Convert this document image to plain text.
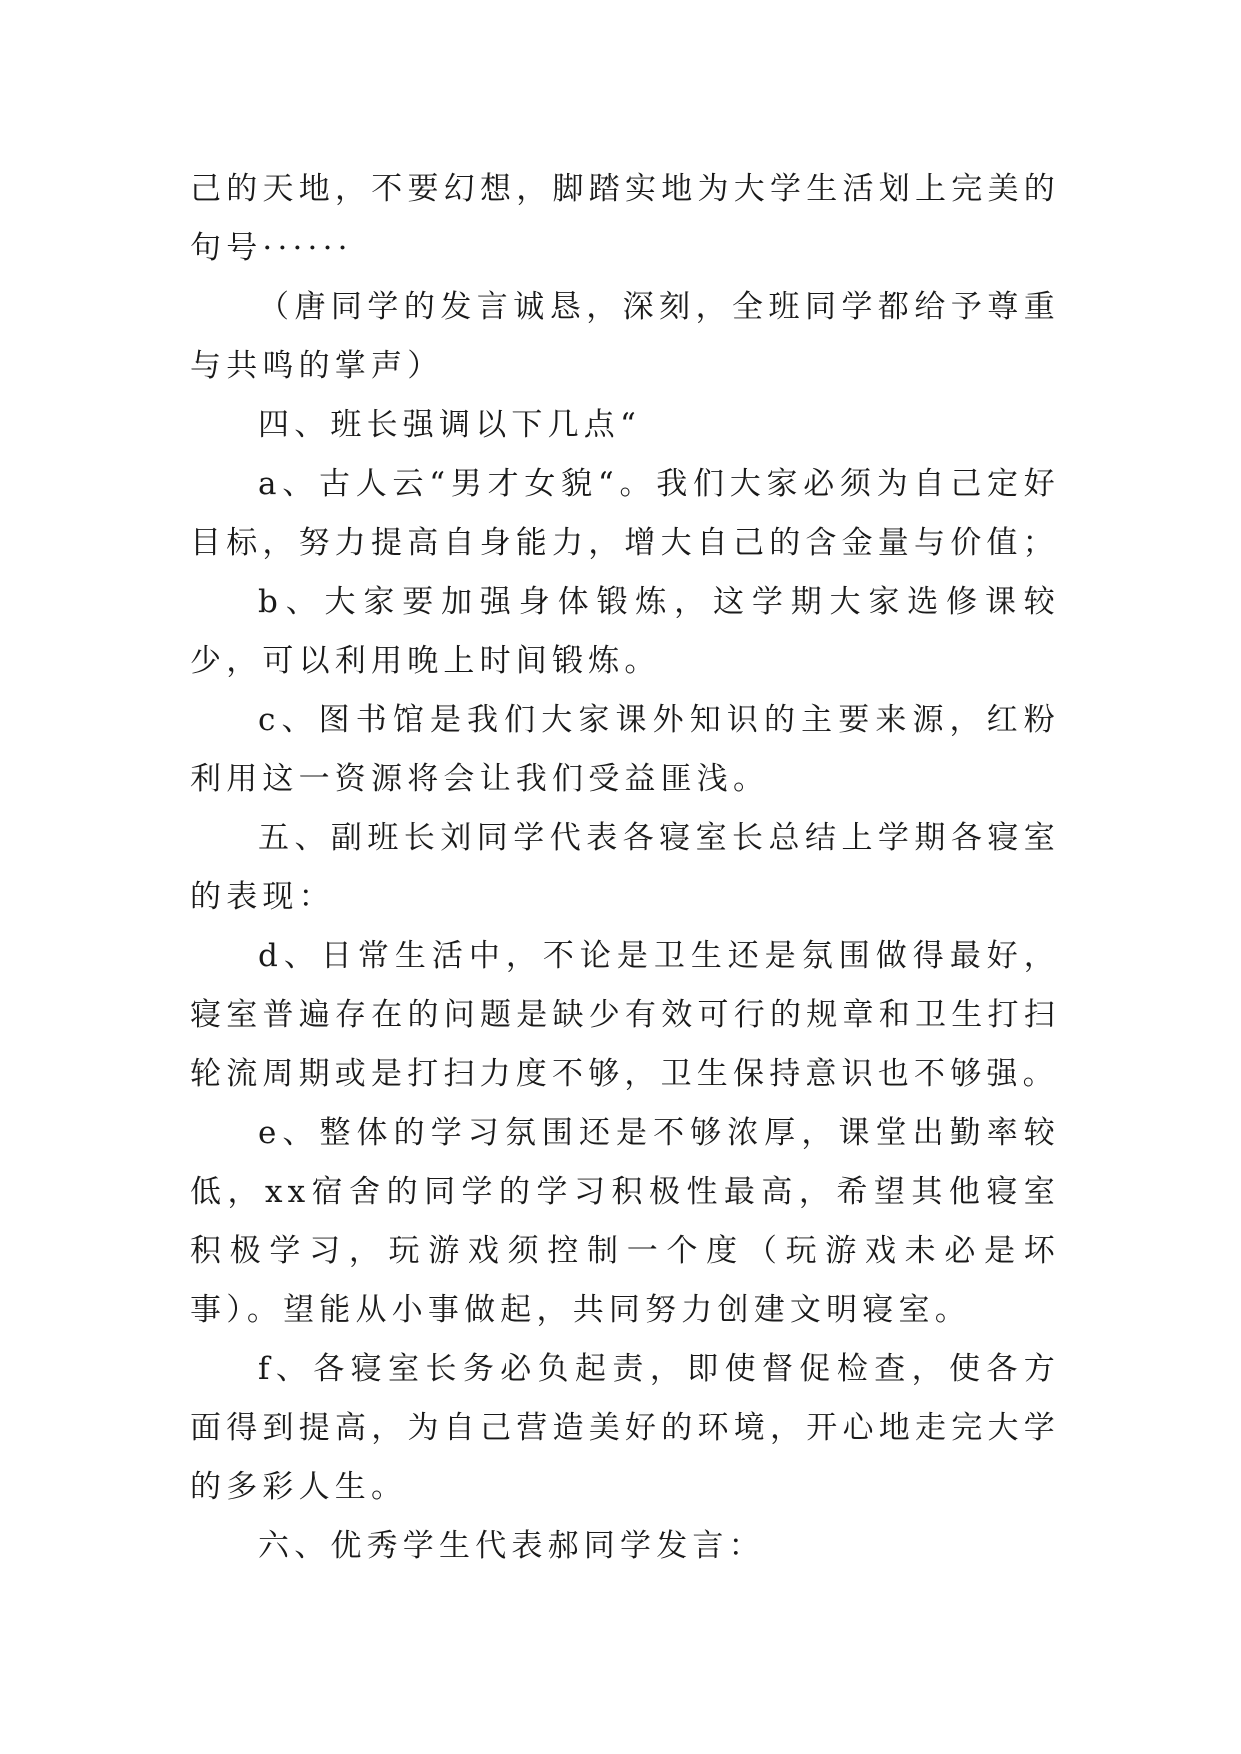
己的天地，不要幻想，脚踏实地为大学生活划上完美的句号······

（唐同学的发言诚恳，深刻，全班同学都给予尊重与共鸣的掌声）

四、班长强调以下几点“

a、古人云“男才女貌“。我们大家必须为自己定好目标，努力提高自身能力，增大自己的含金量与价值；

b、大家要加强身体锻炼，这学期大家选修课较少，可以利用晚上时间锻炼。

c、图书馆是我们大家课外知识的主要来源，红粉利用这一资源将会让我们受益匪浅。

五、副班长刘同学代表各寝室长总结上学期各寝室的表现：

d、日常生活中，不论是卫生还是氛围做得最好，寝室普遍存在的问题是缺少有效可行的规章和卫生打扫轮流周期或是打扫力度不够，卫生保持意识也不够强。

e、整体的学习氛围还是不够浓厚，课堂出勤率较低，xx宿舍的同学的学习积极性最高，希望其他寝室积极学习，玩游戏须控制一个度（玩游戏未必是坏事）。望能从小事做起，共同努力创建文明寝室。

f、各寝室长务必负起责，即使督促检查，使各方面得到提高，为自己营造美好的环境，开心地走完大学的多彩人生。

六、优秀学生代表郝同学发言：
